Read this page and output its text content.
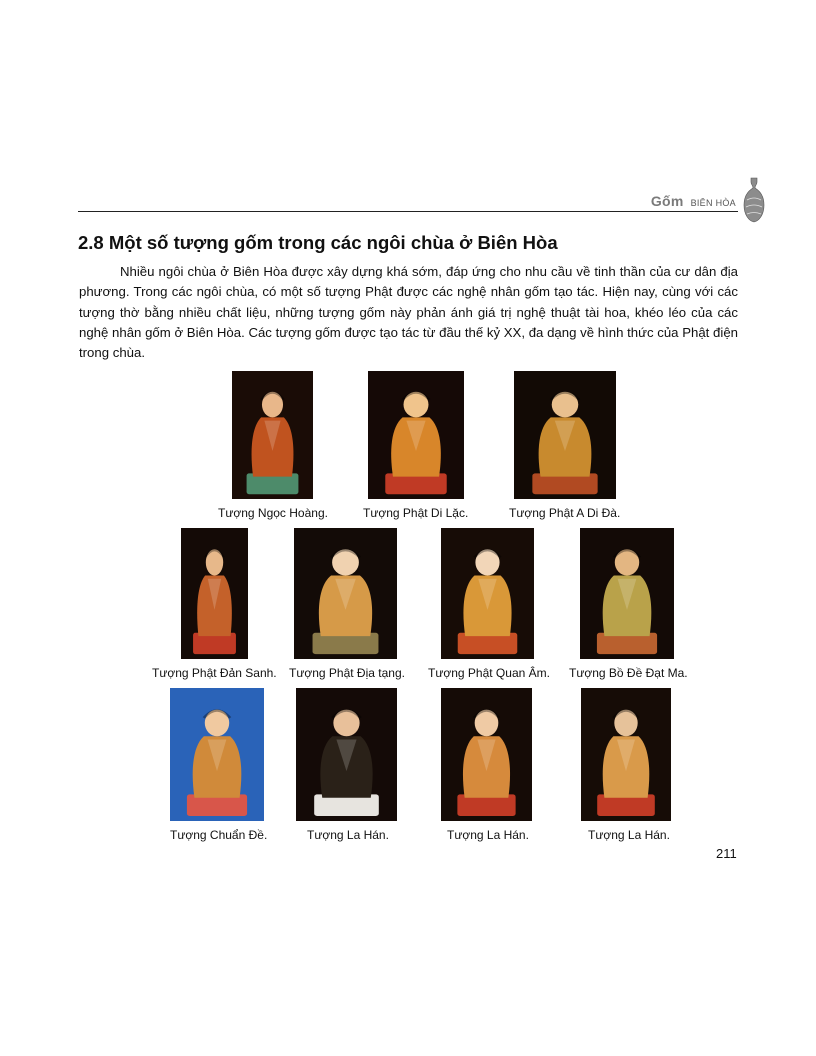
Gốm BIÊN HÒA
2.8 Một số tượng gốm trong các ngôi chùa ở Biên Hòa

Nhiều ngôi chùa ở Biên Hòa được xây dựng khá sớm, đáp ứng cho nhu cầu về tinh thần của cư dân địa phương. Trong các ngôi chùa, có một số tượng Phật được các nghệ nhân gốm tạo tác. Hiện nay, cùng với các tượng thờ bằng nhiều chất liệu, những tượng gốm này phản ánh giá trị nghệ thuật tài hoa, khéo léo của các nghệ nhân gốm ở Biên Hòa. Các tượng gốm được tạo tác từ đầu thế kỷ XX, đa dạng về hình thức của Phật điện trong chùa.

Tượng Ngọc Hoàng.	Tượng Phật Di Lặc.	Tượng Phật A Di Đà.
Tượng Phật Đản Sanh. Tượng Phật Địa tạng. Tượng Phật Quan Âm. Tượng Bồ Đề Đạt Ma.
Tượng Chuẩn Đề.	Tượng La Hán.	Tượng La Hán.	Tượng La Hán.
211
